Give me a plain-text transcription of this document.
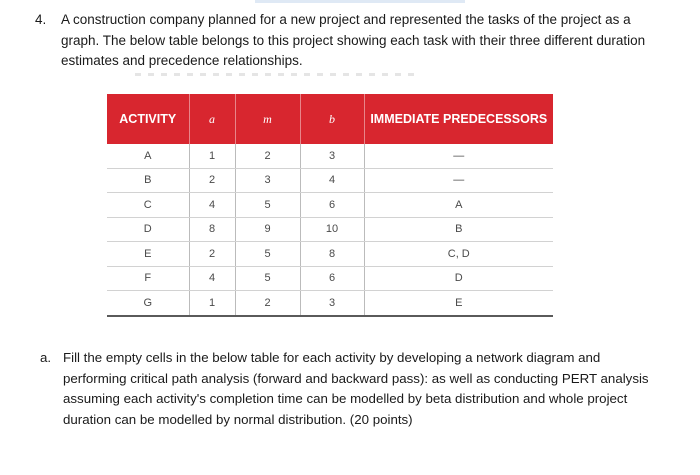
4. A construction company planned for a new project and represented the tasks of the project as a graph. The below table belongs to this project showing each task with their three different duration estimates and precedence relationships.
ACTIVITY	a	m	b	IMMEDIATE PREDECESSORS
A	1	2	3	—
B	2	3	4	—
C	4	5	6	A
D	8	9	10	B
E	2	5	8	C, D
F	4	5	6	D
G	1	2	3	E
a. Fill the empty cells in the below table for each activity by developing a network diagram and performing critical path analysis (forward and backward pass): as well as conducting PERT analysis assuming each activity's completion time can be modelled by beta distribution and whole project duration can be modelled by normal distribution. (20 points)
